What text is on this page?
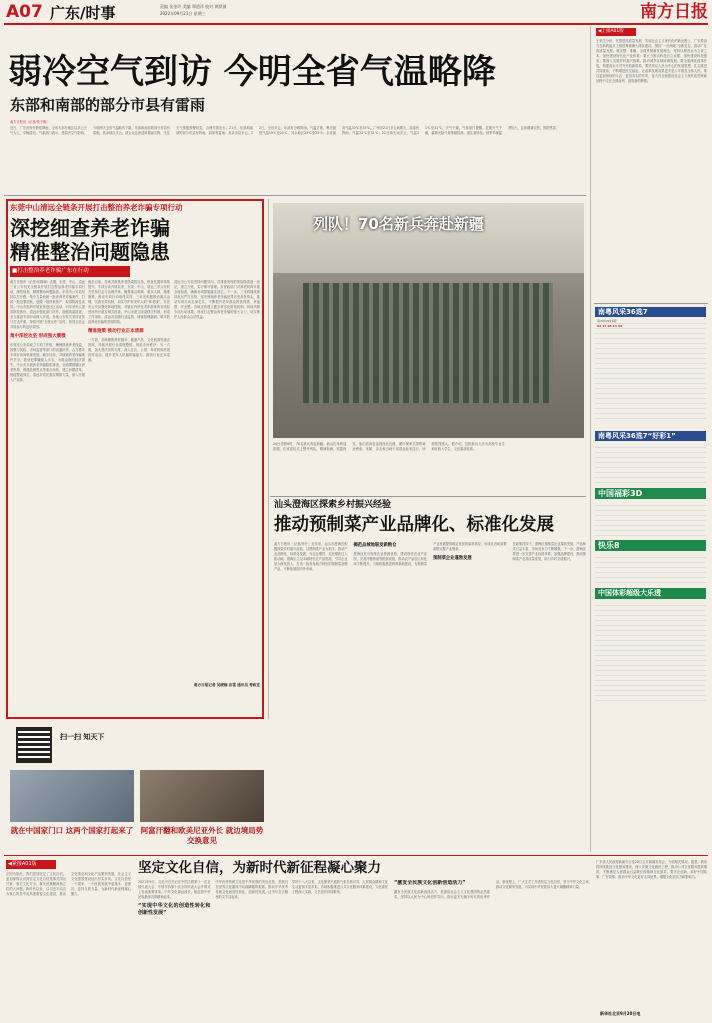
A07 广东/时事	责编 张金玲 美编 郑道萍 校对 黄默黛
2022年09月21日 星期三	南方日报
弱冷空气到访 今明全省气温略降
东部和南部的部分市县有雷雨
南方日报讯（记者/张子俊）
近日，广东出现分散性降雨，全省大部分地区以多云天气为主，早晚清凉。气象部门表示，受弱冷空气影响，今明两天全省气温略有下降，东部和南部的部分市县有雷雨，其余地区多云。请公众注意适时增添衣物，关注天气预报预警信息，合理安排出行。21日，东部和南部的部分市县有阵雨，局部有雷雨；其余市县多云。22日，全省多云，东部有分散阵雨。气温方面，粤北最低气温19℃至21℃，其余地区22℃至25℃；全省最高气温30℃至33℃。广州市21日多云间晴天，局部有阵雨，气温22℃至31℃；22日晴天间多云，气温21℃至31℃，天气干燥。气象部门提醒，近期天气干燥，森林火险气象等级较高，请注意防范。秋季早晚温差较大，注意增减衣物，预防感冒。
东莞中山清远全链条开展打击整治养老诈骗专项行动
深挖细查养老诈骗
精准整治问题隐患
■打击整治养老诈骗广东在行动
南方日报讯（记者/吴晓娴）近期，东莞、中山、清远三市公安机关全链条开展打击整治养老诈骗专项行动，深挖细查，精准整治问题隐患。东莞市公安局坚持以打开路，集中力量侦破一批涉养老诈骗案件，打掉一批犯罪团伙，追缴一批涉案资产，取得阶段性成效。中山市组织开展宣传进社区活动，引导老年人提高防范意识。清远市强化部门协作，加强线索排查，全力推进专项行动深入开展。各地公安机关坚持宣传与打击并重，持续开展“全民反诈”宣传，营造全社会共同参与的良好氛围。
集中深挖攻坚 形成强大震慑
东莞市公安局成立专项工作组，梳理排查涉老线索，加强与民政、市场监管等部门的沟通协作，合力推动专项行动向纵深发展。截至目前，共侦破养老诈骗案件多宗，抓获犯罪嫌疑人多名，为群众挽回经济损失。中山市开展涉老诈骗隐患排查，全面摸排辖区养老机构、保健品销售点等重点场所，建立问题清单，督促整改到位。清远市依托基层网格力量，深入开展入户宣传。
截至目前，各地共收集涉老线索数百条，核查处置率持续提升。专项行动开展以来，东莞、中山、清远三市公安机关坚持打击与治理并举，聚焦重点领域、重点人群，精准施策，推动专项行动取得实效。三市还积极推动源头治理，完善长效机制，切实守护好老年人的“养老钱”。东莞市公安局强化阵地控制，对辖区内涉及老年群体的各类经营场所开展拉网式排查。中山市建立线索移交机制，形成工作闭环。清远市加强行业监管，堵塞管理漏洞，筑牢防范养老诈骗的坚固防线。
精准施策 推动行业正本清源
一方面，各地聚焦养老服务、健康产品、文化旅游等重点领域，持续开展行业清理整顿，规范市场秩序；另一方面，加大普法宣传力度，深入社区、公园、养老机构开展宣传活动，提升老年人识骗防骗能力，推动行业正本清源。
清远市公安局坚持问题导向，对排查发现的风险隐患逐一登记，建立台账，实行销号管理。市民政部门对养老机构开展全面检查，确保各项措施落实到位。下一步，三市将继续保持高压严打态势，坚决遏制养老诈骗犯罪多发高发势头，推动专项行动走深走实，不断提升老年群众的获得感、幸福感、安全感。各地还将建立健全常态化防范机制，持续巩固专项行动成果，形成打击整治养老诈骗的强大合力，切实维护人民群众合法权益。
南方日报记者 吴晓娴 祁雷 通讯员 粤政宣
列队！70名新兵奔赴新疆
20日清晨6时，70名新兵奔赴新疆。新兵们身着迷彩服，在欢送仪式上整齐列队，精神饱满，英姿勃发。他们将奔赴祖国西北边陲，履行保家卫国的神圣使命。家属、亲友和当地干部群众赶来送行，场面热烈感人。据介绍，这批新兵大多为高校毕业生和在校大学生，文化素质较高。
汕头澄海区探索乡村振兴经验
推动预制菜产业品牌化、标准化发展
南方日报讯（记者/李升）近年来，汕头市澄海区积极探索乡村振兴经验，以预制菜产业为抓手，推动产业品牌化、标准化发展，为农业增效、农民增收注入新动能。澄海区立足本地特色农产品资源，引导企业加大研发投入，打造一批具有地方特色的预制菜品牌产品，不断拓展国内外市场。
揭范品城地联发新粮仓
澄海区充分发挥农业资源优势，建设现代农业产业园，完善冷链物流等配套设施，推动农产品加工转化率不断提升。当地积极推进种养基地建设，为预制菜产业发展提供稳定优质的原料供应，形成从田间到餐桌的完整产业链条。
预制菜企业蓬勃发展
在政策扶持下，澄海区预制菜企业蓬勃发展，产品种类日益丰富，市场竞争力不断增强。下一步，澄海区将进一步完善产业标准体系，加强品牌建设，推动预制菜产业高质量发展，助力乡村全面振兴。
扫一扫 知天下
就在中国家门口 这两个国家打起来了 阿富汗翻和欧美尼亚外长 就边境局势交换意见
◀紧接A01版
正因为如此，我们更加坚定了文化自信，更加深刻认识到坚定文化自信是事关国运兴衰、事关文化安全、事关民族精神独立性的大问题。新时代以来，以习近平同志为核心的党中央高度重视文化建设，推动文化事业和文化产业繁荣发展，社会主义文化强国建设迈出坚实步伐。文化自信是一个国家、一个民族发展中更基本、更深沉、更持久的力量，为新时代新征程凝心聚力。
坚定文化自信，为新时代新征程凝心聚力
2021年9月，习近平总书记在中国文联第十一次全国代表大会、中国作协第十次全国代表大会开幕式上发表重要讲话。中华文化源远流长，积淀着中华民族最深沉的精神追求。
“实现中华文化的创造性转化和创新性发展”
中华优秀传统文化是中华民族的突出优势，是我们在世界文化激荡中站稳脚跟的根基。推动中华优秀传统文化创造性转化、创新性发展，让书写在古籍里的文字活起来。
党的十八大以来，文化繁荣兴盛的气象日新月异，人民群众精神文化生活更加丰富多彩。各地积极推进公共文化服务体系建设，文化惠民工程深入实施，文艺创作持续繁荣。
“激发全民族文化创新创造活力”
激发全民族文化创新创造活力，是建设社会主义文化强国的必然要求。坚持以人民为中心的创作导向，推出更多无愧于时代的优秀作品。新征程上，广大文艺工作者坚定文化自信，坚守中华文化立场，推动文化繁荣发展，为实现中华民族伟大复兴凝聚精神力量。
新华社北京9月20日电
◀上接A01版
王荣生分析，在推进高质量发展、实现社会主义现代化的新征程上，广东要奋力在新的起点上推进粤港澳大湾区建设，围绕“一点两地”全新定位，推动广东高质量发展。要完整、准确、全面贯彻新发展理念，坚持以制造业为立省之本，加快建设现代化产业体系；要大力推动科技自立自强，加快建设科技强省；要深入实施乡村振兴战略，推动城乡区域协调发展；要全面深化改革开放，构建高水平对外开放新格局。要坚持以人民为中心的发展思想，扎实推进共同富裕，不断增进民生福祉，让改革发展成果更多更公平惠及全体人民。要以更加昂扬的斗志、更加务实的作风，奋力在全面建设社会主义现代化国家新征程中走在全国前列、创造新的辉煌。
南粤风采36选7
第2022221期
02 17 03 13 33
南粤风采36选7“好彩1”
中国福彩3D
快乐8
中国体彩超级大乐透
广东省人民政府新闻办公室20日召开新闻发布会，介绍相关情况。据悉，我省将持续推进文化强省建设，深入实施文化惠民工程，推动公共文化服务提质增效，不断满足人民群众日益增长的精神文化需求。要守正创新，讲好中国故事、广东故事，推动中华文化更好走向世界，增强文化软实力和影响力。
